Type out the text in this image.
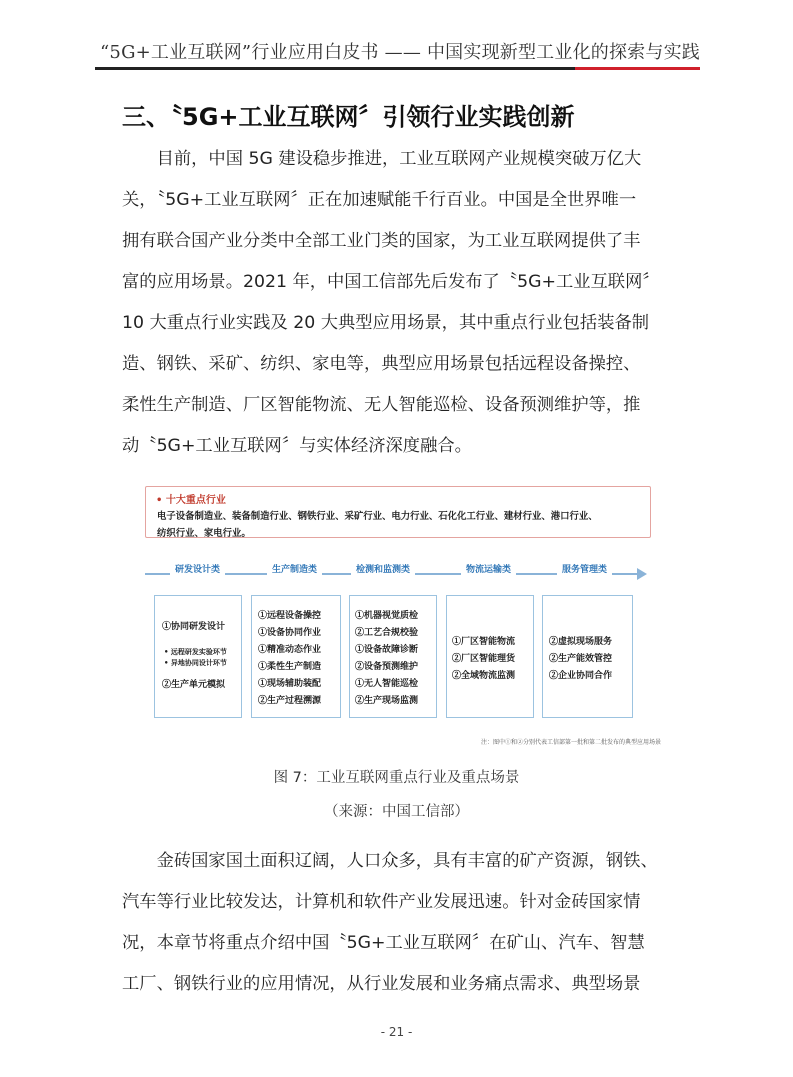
“5G+工业互联网”行业应用白皮书 —— 中国实现新型工业化的探索与实践
三、〝5G+工业互联网〞引领行业实践创新

　　目前，中国 5G 建设稳步推进，工业互联网产业规模突破万亿大

关，〝5G+工业互联网〞正在加速赋能千行百业。中国是全世界唯一

拥有联合国产业分类中全部工业门类的国家，为工业互联网提供了丰

富的应用场景。2021 年，中国工信部先后发布了〝5G+工业互联网〞

10 大重点行业实践及 20 大典型应用场景，其中重点行业包括装备制

造、钢铁、采矿、纺织、家电等，典型应用场景包括远程设备操控、

柔性生产制造、厂区智能物流、无人智能巡检、设备预测维护等，推

动〝5G+工业互联网〞与实体经济深度融合。

• 十大重点行业
电子设备制造业、装备制造行业、钢铁行业、采矿行业、电力行业、石化化工行业、建材行业、港口行业、
纺织行业、家电行业。
研发设计类	生产制造类	检测和监测类	物流运输类	服务管理类
①协同研发设计
• 远程研发实验环节
• 异地协同设计环节
②生产单元模拟
①远程设备操控
①设备协同作业
①精准动态作业
①柔性生产制造
①现场辅助装配
②生产过程溯源
①机器视觉质检
②工艺合规校验
①设备故障诊断
②设备预测维护
①无人智能巡检
②生产现场监测
①厂区智能物流
②厂区智能理货
②全域物流监测
②虚拟现场服务
②生产能效管控
②企业协同合作
注：图中①和②分别代表工信部第一批和第二批发布的典型应用场景
图 7：工业互联网重点行业及重点场景
（来源：中国工信部）

　　金砖国家国土面积辽阔，人口众多，具有丰富的矿产资源，钢铁、

汽车等行业比较发达，计算机和软件产业发展迅速。针对金砖国家情

况，本章节将重点介绍中国〝5G+工业互联网〞在矿山、汽车、智慧

工厂、钢铁行业的应用情况，从行业发展和业务痛点需求、典型场景

- 21 -
